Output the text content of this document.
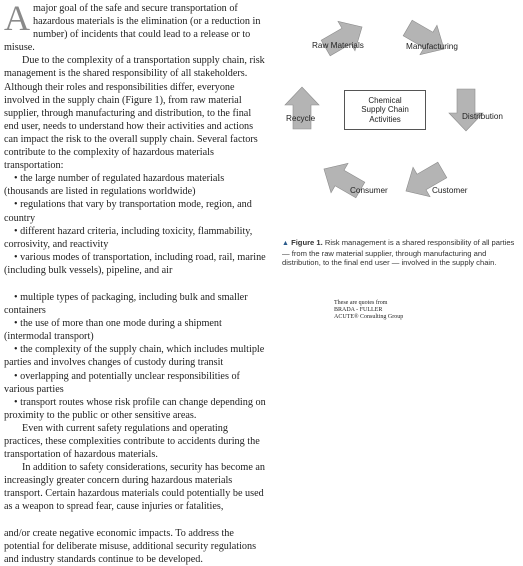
Amajor goal of the safe and secure transportation of hazardous materials is the elimination (or a reduction in number) of incidents that could lead to a release or to misuse.

Due to the complexity of a transportation supply chain, risk management is the shared responsibility of all stakeholders. Although their roles and responsibilities differ, everyone involved in the supply chain (Figure 1), from raw material supplier, through manufacturing and distribution, to the final end user, needs to understand how their activities and actions can impact the risk to the overall supply chain. Several factors contribute to the complexity of hazardous materials transportation:

• the large number of regulated hazardous materials (thousands are listed in regulations worldwide)

• regulations that vary by transportation mode, region, and country

• different hazard criteria, including toxicity, flammability, corrosivity, and reactivity

• various modes of transportation, including road, rail, marine (including bulk vessels), pipeline, and air

• multiple types of packaging, including bulk and smaller containers

• the use of more than one mode during a shipment (intermodal transport)

• the complexity of the supply chain, which includes multiple parties and involves changes of custody during transit

• overlapping and potentially unclear responsibilities of various parties

• transport routes whose risk profile can change depending on proximity to the public or other sensitive areas.

Even with current safety regulations and operating practices, these complexities contribute to accidents during the transportation of hazardous materials.

In addition to safety considerations, security has become an increasingly greater concern during hazardous materials transport. Certain hazardous materials could potentially be used as a weapon to spread fear, cause injuries or fatalities,

and/or create negative economic impacts. To address the potential for deliberate misuse, additional security regulations and industry standards continue to be developed.

Chemical
Supply Chain
Activities
Raw Materials	Manufacturing
Distribution
Customer
Consumer
Recycle
▲ Figure 1. Risk management is a shared responsibility of all parties — from the raw material supplier, through manufacturing and distribution, to the final end user — involved in the supply chain.
These are quotes from
BRADA - FULLER
ACUTE® Consulting Group
